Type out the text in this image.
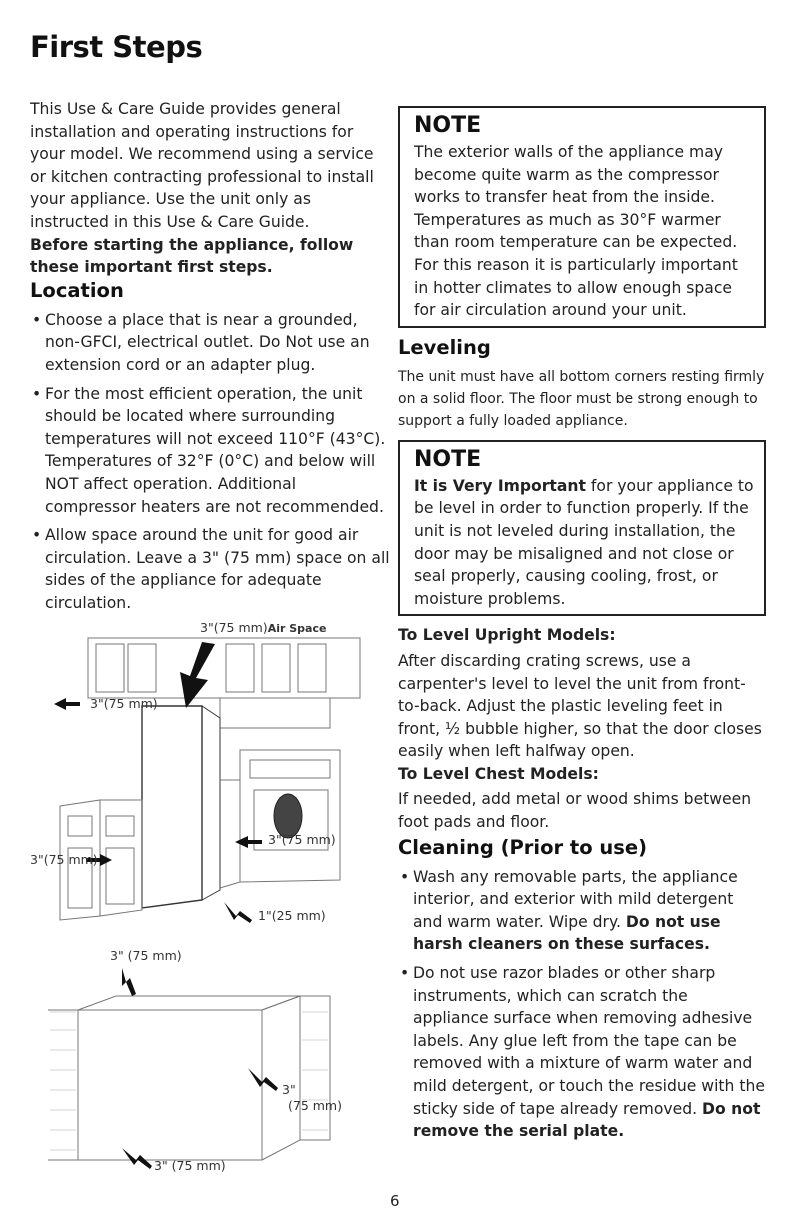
First Steps

This Use & Care Guide provides general installation and operating instructions for your model. We recommend using a service or kitchen contracting professional to install your appliance. Use the unit only as instructed in this Use & Care Guide.

Before starting the appliance, follow these important first steps.

Location
• Choose a place that is near a grounded, non-GFCI, electrical outlet. Do Not use an extension cord or an adapter plug.
• For the most efficient operation, the unit should be located where surrounding temperatures will not exceed 110°F (43°C). Temperatures of 32°F (0°C) and below will NOT affect operation. Additional compressor heaters are not recommended.
• Allow space around the unit for good air circulation. Leave a 3" (75 mm) space on all sides of the appliance for adequate circulation.
3"(75 mm)Air Space
3"(75 mm)
3"(75 mm)
3"(75 mm)
1"(25 mm)
3" (75 mm)
3"
(75 mm)
3" (75 mm)
NOTE

The exterior walls of the appliance may become quite warm as the compressor works to transfer heat from the inside. Temperatures as much as 30°F warmer than room temperature can be expected. For this reason it is particularly important in hotter climates to allow enough space for air circulation around your unit.

Leveling

The unit must have all bottom corners resting firmly on a solid floor. The floor must be strong enough to support a fully loaded appliance.

NOTE

It is Very Important for your appliance to be level in order to function properly. If the unit is not leveled during installation, the door may be misaligned and not close or seal properly, causing cooling, frost, or moisture problems.

To Level Upright Models:

After discarding crating screws, use a carpenter's level to level the unit from front-to-back. Adjust the plastic leveling feet in front, ½ bubble higher, so that the door closes easily when left halfway open.

To Level Chest Models:

If needed, add metal or wood shims between foot pads and floor.

Cleaning (Prior to use)
• Wash any removable parts, the appliance interior, and exterior with mild detergent and warm water. Wipe dry. Do not use harsh cleaners on these surfaces.
• Do not use razor blades or other sharp instruments, which can scratch the appliance surface when removing adhesive labels. Any glue left from the tape can be removed with a mixture of warm water and mild detergent, or touch the residue with the sticky side of tape already removed. Do not remove the serial plate.
6
